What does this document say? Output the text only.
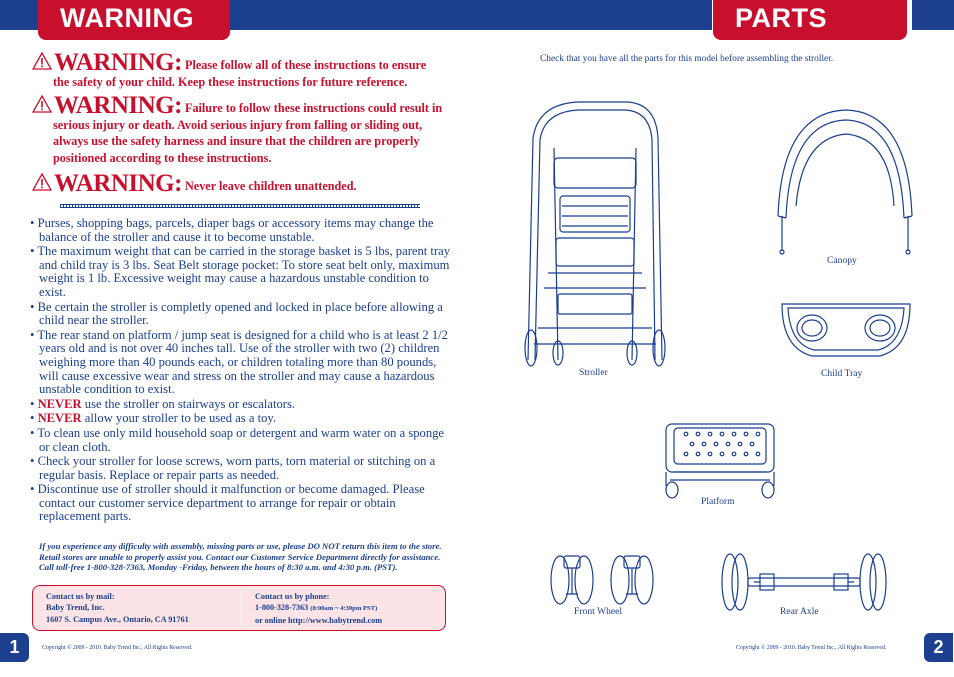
WARNING	PARTS
WARNING: Please follow all of these instructions to ensure
the safety of your child. Keep these instructions for future reference.
WARNING: Failure to follow these instructions could result in
serious injury or death. Avoid serious injury from falling or sliding out, always use the safety harness and insure that the children are properly positioned according to these instructions.
WARNING: Never leave children unattended.
• Purses, shopping bags, parcels, diaper bags or accessory items may change the balance of the stroller and cause it to become unstable.
• The maximum weight that can be carried in the storage basket is 5 lbs, parent tray and child tray is 3 lbs. Seat Belt storage pocket: To store seat belt only, maximum weight is 1 lb. Excessive weight may cause a hazardous unstable condition to exist.
• Be certain the stroller is completly opened and locked in place before allowing a child near the stroller.
• The rear stand on platform / jump seat is designed for a child who is at least 2 1/2 years old and is not over 40 inches tall. Use of the stroller with two (2) children weighing more than 40 pounds each, or children totaling more than 80 pounds, will cause excessive wear and stress on the stroller and may cause a hazardous unstable condition to exist.
• NEVER use the stroller on stairways or escalators.
• NEVER allow your stroller to be used as a toy.
• To clean use only mild household soap or detergent and warm water on a sponge or clean cloth.
• Check your stroller for loose screws, worn parts, torn material or stitching on a regular basis. Replace or repair parts as needed.
• Discontinue use of stroller should it malfunction or become damaged. Please contact our customer service department to arrange for repair or obtain replacement parts.
If you experience any difficulty with assembly, missing parts or use, please DO NOT return this item to the store. Retail stores are unable to properly assist you. Contact our Customer Service Department directly for assistance. Call toll-free 1-800-328-7363, Monday -Friday, between the hours of 8:30 a.m. and 4:30 p.m. (PST).
Contact us by mail:
Baby Trend, Inc.
1607 S. Campus Ave., Ontario, CA 91761
Contact us by phone:
1-800-328-7363 (8:00am ~ 4:30pm PST)
or online http://www.babytrend.com
1	Copyright © 2009 - 2010. Baby Trend Inc., All Rights Reserved.
Check that you have all the parts for this model before assembling the stroller.
Stroller
Canopy
Child Tray
Platform
Front Wheel	Rear Axle
Copyright © 2009 - 2010. Baby Trend Inc., All Rights Reserved.	2
